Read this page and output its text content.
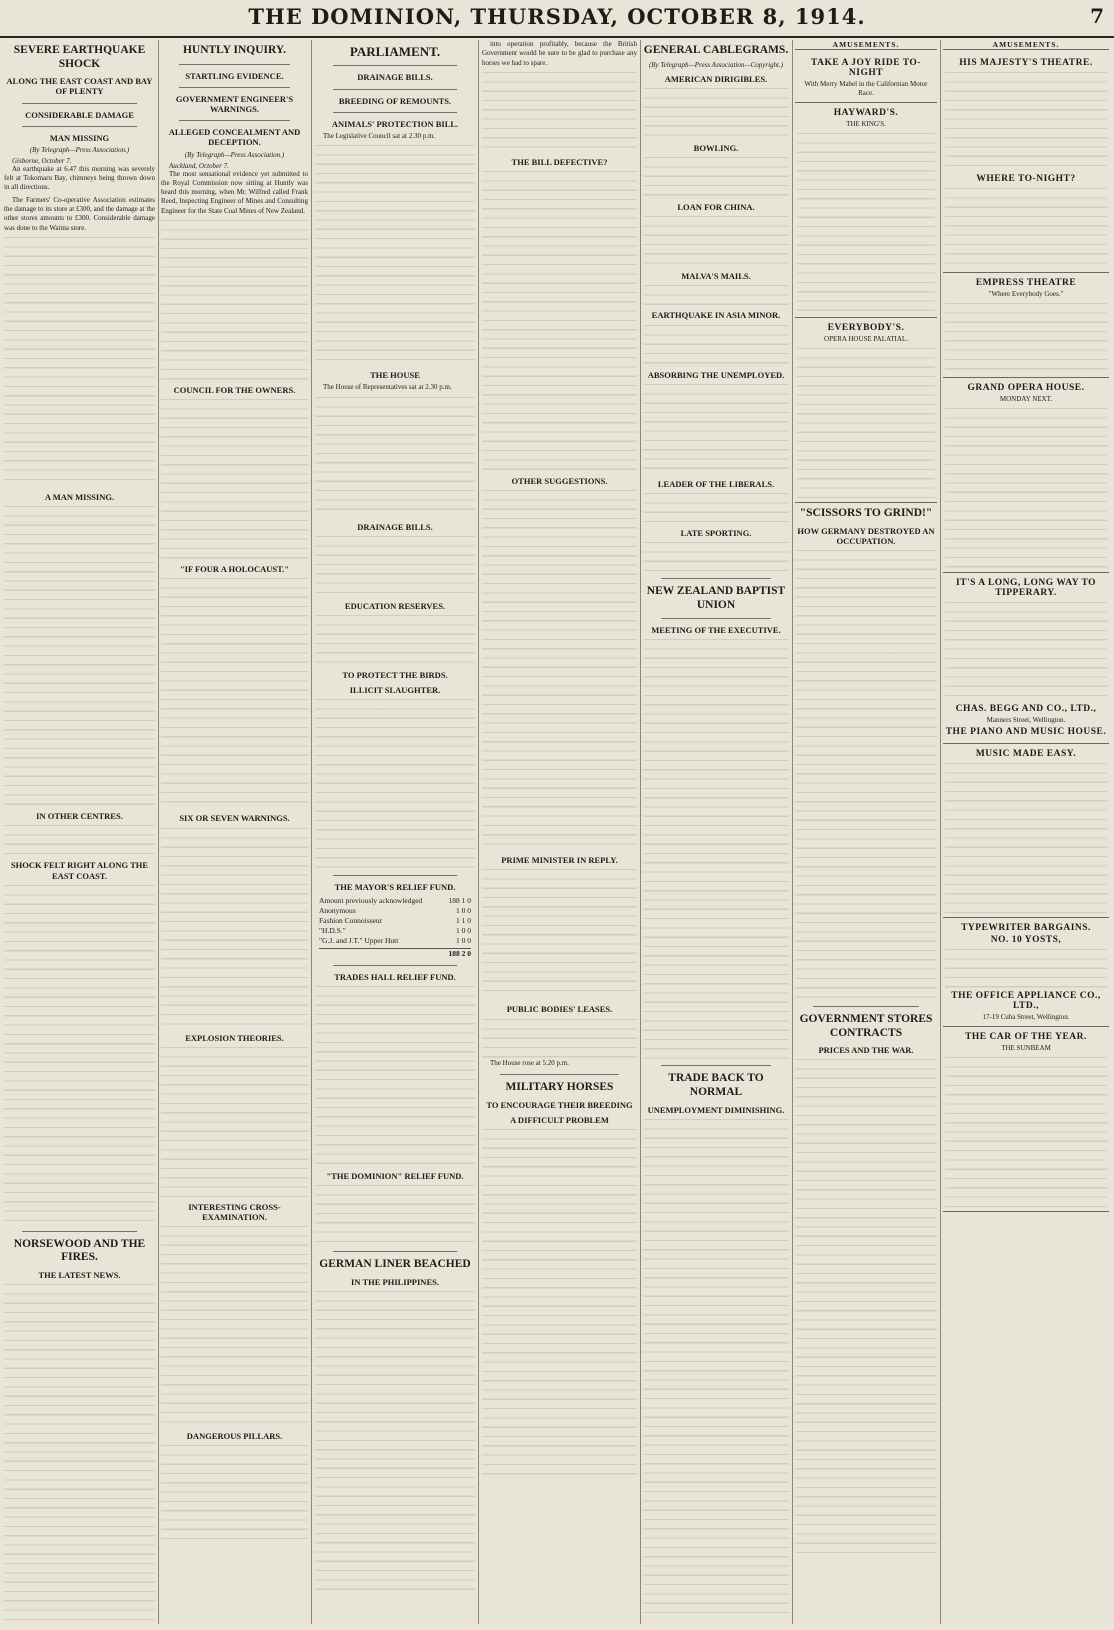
THE DOMINION, THURSDAY, OCTOBER 8, 1914.	7
SEVERE EARTHQUAKE SHOCK
ALONG THE EAST COAST AND BAY OF PLENTY
CONSIDERABLE DAMAGE
MAN MISSING
(By Telegraph—Press Association.)
Gisborne, October 7.

An earthquake at 6.47 this morning was severely felt at Tokomaru Bay, chimneys being thrown down in all directions.

The Farmers' Co-operative Association estimates the damage to its store at £300, and the damage at the other stores amounts to £300. Considerable damage was done to the Waima store.

A MAN MISSING.
IN OTHER CENTRES.
SHOCK FELT RIGHT ALONG THE EAST COAST.
NORSEWOOD AND THE FIRES.
THE LATEST NEWS.
HUNTLY INQUIRY.
STARTLING EVIDENCE.
GOVERNMENT ENGINEER'S WARNINGS.
ALLEGED CONCEALMENT AND DECEPTION.
(By Telegraph—Press Association.)
Auckland, October 7.

The most sensational evidence yet submitted to the Royal Commission now sitting at Huntly was heard this morning, when Mr. Wilfred called Frank Reed, Inspecting Engineer of Mines and Consulting Engineer for the State Coal Mines of New Zealand.

COUNCIL FOR THE OWNERS.
"IF FOUR A HOLOCAUST."
SIX OR SEVEN WARNINGS.
EXPLOSION THEORIES.
INTERESTING CROSS-EXAMINATION.
DANGEROUS PILLARS.
PARLIAMENT.
DRAINAGE BILLS.
BREEDING OF REMOUNTS.
ANIMALS' PROTECTION BILL.

The Legislative Council sat at 2.30 p.m.

THE HOUSE

The House of Representatives sat at 2.30 p.m.

DRAINAGE BILLS.
EDUCATION RESERVES.
TO PROTECT THE BIRDS.
ILLICIT SLAUGHTER.
THE MAYOR'S RELIEF FUND.
Amount previously acknowledged	188 1 0
Anonymous	1 0 0
Fashion Connoisseur	1 1 0
"H.D.S."	1 0 0
"G.J. and J.T." Upper Hutt	1 0 0
188 2 0
TRADES HALL RELIEF FUND.
"THE DOMINION" RELIEF FUND.
GERMAN LINER BEACHED
IN THE PHILIPPINES.

into operation profitably, because the British Government would be sure to be glad to purchase any horses we had to spare.

THE BILL DEFECTIVE?
OTHER SUGGESTIONS.
PRIME MINISTER IN REPLY.
PUBLIC BODIES' LEASES.

The House rose at 5.20 p.m.

MILITARY HORSES
TO ENCOURAGE THEIR BREEDING
A DIFFICULT PROBLEM
GENERAL CABLEGRAMS.
(By Telegraph—Press Association—Copyright.)
AMERICAN DIRIGIBLES.
BOWLING.
LOAN FOR CHINA.
MALVA'S MAILS.
EARTHQUAKE IN ASIA MINOR.
ABSORBING THE UNEMPLOYED.
LEADER OF THE LIBERALS.
LATE SPORTING.
NEW ZEALAND BAPTIST UNION
MEETING OF THE EXECUTIVE.
TRADE BACK TO NORMAL
UNEMPLOYMENT DIMINISHING.
AMUSEMENTS.
TAKE A JOY RIDE TO-NIGHT
With Merry Mabel in the Californian Motor Race.
HAYWARD'S.
THE KING'S.
EVERYBODY'S.
OPERA HOUSE PALATIAL.
"SCISSORS TO GRIND!"
HOW GERMANY DESTROYED AN OCCUPATION.
GOVERNMENT STORES CONTRACTS
PRICES AND THE WAR.
AMUSEMENTS.
HIS MAJESTY'S THEATRE.
WHERE TO-NIGHT?
EMPRESS THEATRE
"Where Everybody Goes."
GRAND OPERA HOUSE.
MONDAY NEXT.
IT'S A LONG, LONG WAY TO TIPPERARY.
CHAS. BEGG AND CO., LTD.,
Manners Street, Wellington.
THE PIANO AND MUSIC HOUSE.
MUSIC MADE EASY.
TYPEWRITER BARGAINS.
NO. 10 YOSTS,
THE OFFICE APPLIANCE CO., LTD.,
17-19 Cuba Street, Wellington.
THE CAR OF THE YEAR.
THE SUNBEAM
